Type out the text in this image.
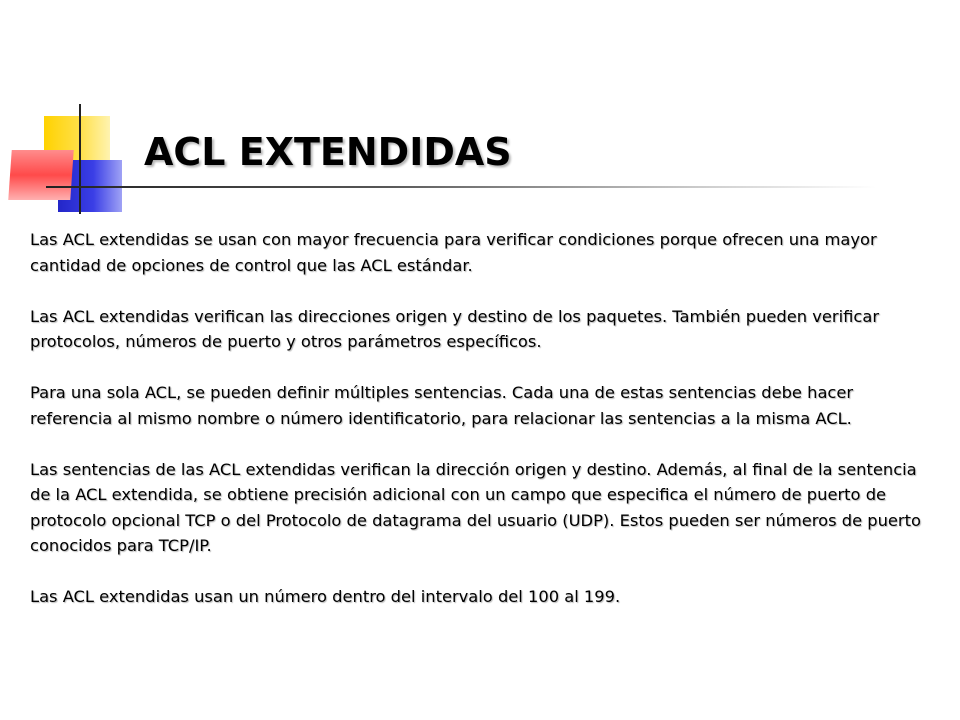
ACL EXTENDIDAS

Las ACL extendidas se usan con mayor frecuencia para verificar condiciones porque ofrecen una mayor cantidad de opciones de control que las ACL estándar.

Las ACL extendidas verifican las direcciones origen y destino de los paquetes. También pueden verificar protocolos, números de puerto y otros parámetros específicos.

Para una sola ACL, se pueden definir múltiples sentencias. Cada una de estas sentencias debe hacer referencia al mismo nombre o número identificatorio, para relacionar las sentencias a la misma ACL.

Las sentencias de las ACL extendidas verifican la dirección origen y destino. Además, al final de la sentencia de la ACL extendida, se obtiene precisión adicional con un campo que especifica el número de puerto de protocolo opcional TCP o del Protocolo de datagrama del usuario (UDP). Estos pueden ser números de puerto conocidos para TCP/IP.

Las ACL extendidas usan un número dentro del intervalo del 100 al 199.
